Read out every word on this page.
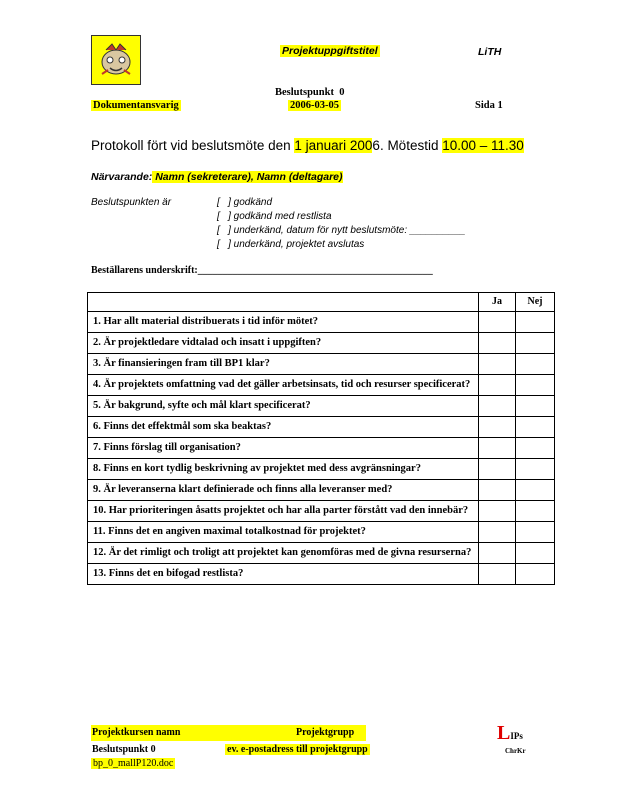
Projektuppgiftstitel	LiTH
Beslutspunkt  0
Dokumentansvarig	2006-03-05	Sida 1
Protokoll fört vid beslutsmöte den 1 januari 2006. Mötestid 10.00 – 11.30
Närvarande: Namn (sekreterare), Namn (deltagare)
Beslutspunkten är	[   ] godkänd
[   ] godkänd med restlista
[   ] underkänd, datum för nytt beslutsmöte: __________
[   ] underkänd, projektet avslutas
Beställarens underskrift:_______________________________________________
	Ja	Nej
1. Har allt material distribuerats i tid inför mötet?		
2. Är projektledare vidtalad och insatt i uppgiften?		
3. Är finansieringen fram till BP1 klar?		
4. Är projektets omfattning vad det gäller arbetsinsats, tid och resurser specificerat?		
5. Är bakgrund, syfte och mål klart specificerat?		
6. Finns det effektmål som ska beaktas?		
7. Finns förslag till organisation?		
8. Finns en kort tydlig beskrivning av projektet med dess avgränsningar?		
9. Är leveranserna klart definierade och finns alla leveranser med?		
10. Har prioriteringen åsatts projektet och har alla parter förstått vad den innebär?		
11. Finns det en angiven maximal totalkostnad för projektet?		
12. Är det rimligt och troligt att projektet kan genomföras med de givna resurserna?		
13. Finns det en bifogad restlista?		
Projektkursen namn	Projektgrupp	LIPs
Beslutspunkt 0	ev. e-postadress till projektgrupp	ChrKr
bp_0_mallP120.doc
